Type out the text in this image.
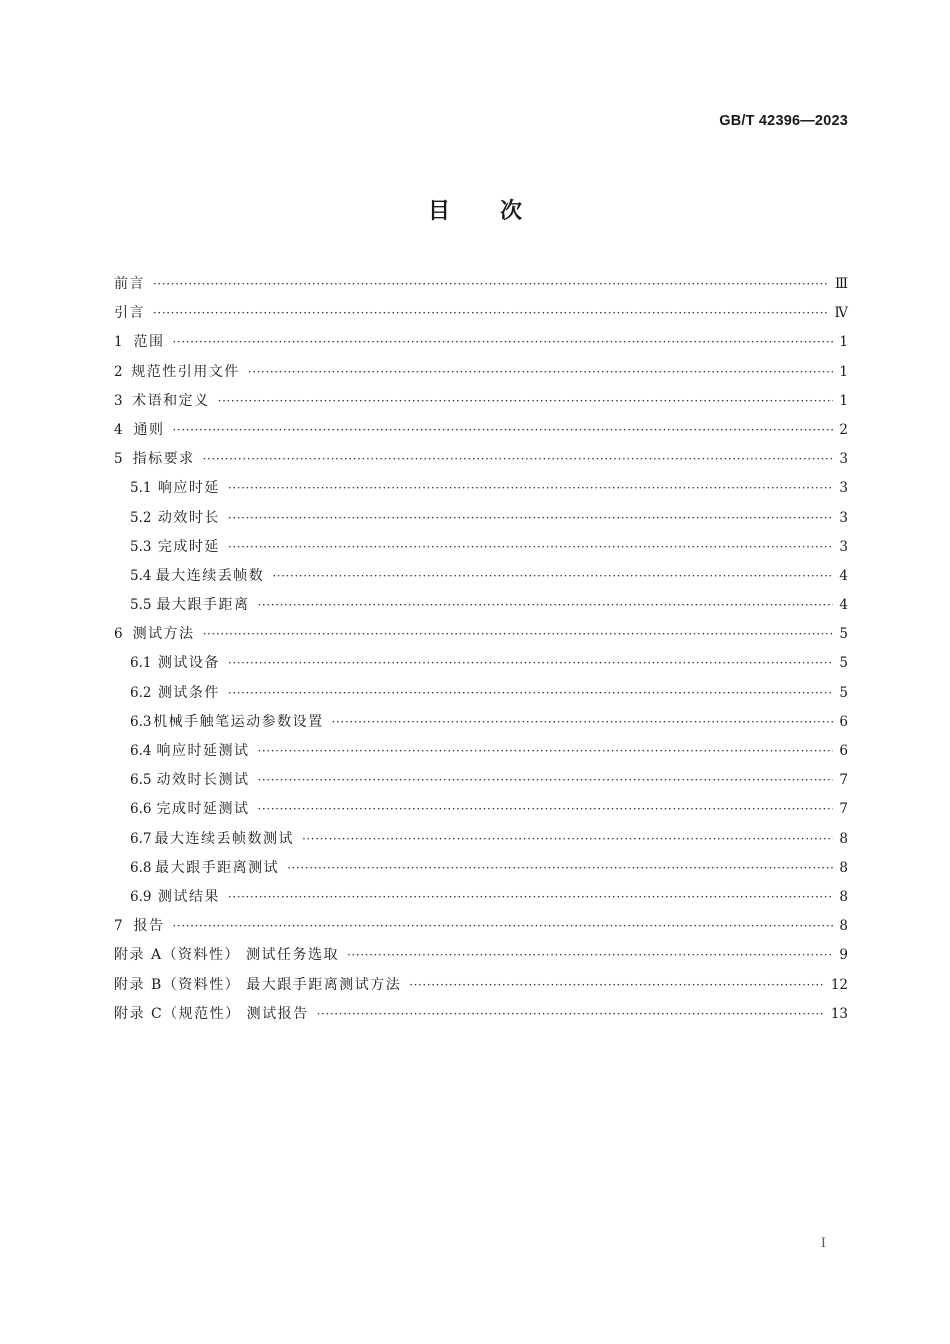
GB/T 42396—2023
目 次
前言 ·····	Ⅲ
引言 ·····	Ⅳ
1 范围 ·····	1
2 规范性引用文件 ·····	1
3 术语和定义 ·····	1
4 通则 ·····	2
5 指标要求 ·····	3
5.1 响应时延 ·····	3
5.2 动效时长 ·····	3
5.3 完成时延 ·····	3
5.4 最大连续丢帧数 ·····	4
5.5 最大跟手距离 ·····	4
6 测试方法 ·····	5
6.1 测试设备 ·····	5
6.2 测试条件 ·····	5
6.3 机械手触笔运动参数设置 ·····	6
6.4 响应时延测试 ·····	6
6.5 动效时长测试 ·····	7
6.6 完成时延测试 ·····	7
6.7 最大连续丢帧数测试 ·····	8
6.8 最大跟手距离测试 ·····	8
6.9 测试结果 ·····	8
7 报告 ·····	8
附录 A（资料性） 测试任务选取 ·····	9
附录 B（资料性） 最大跟手距离测试方法 ·····	12
附录 C（规范性） 测试报告 ·····	13
Ⅰ
